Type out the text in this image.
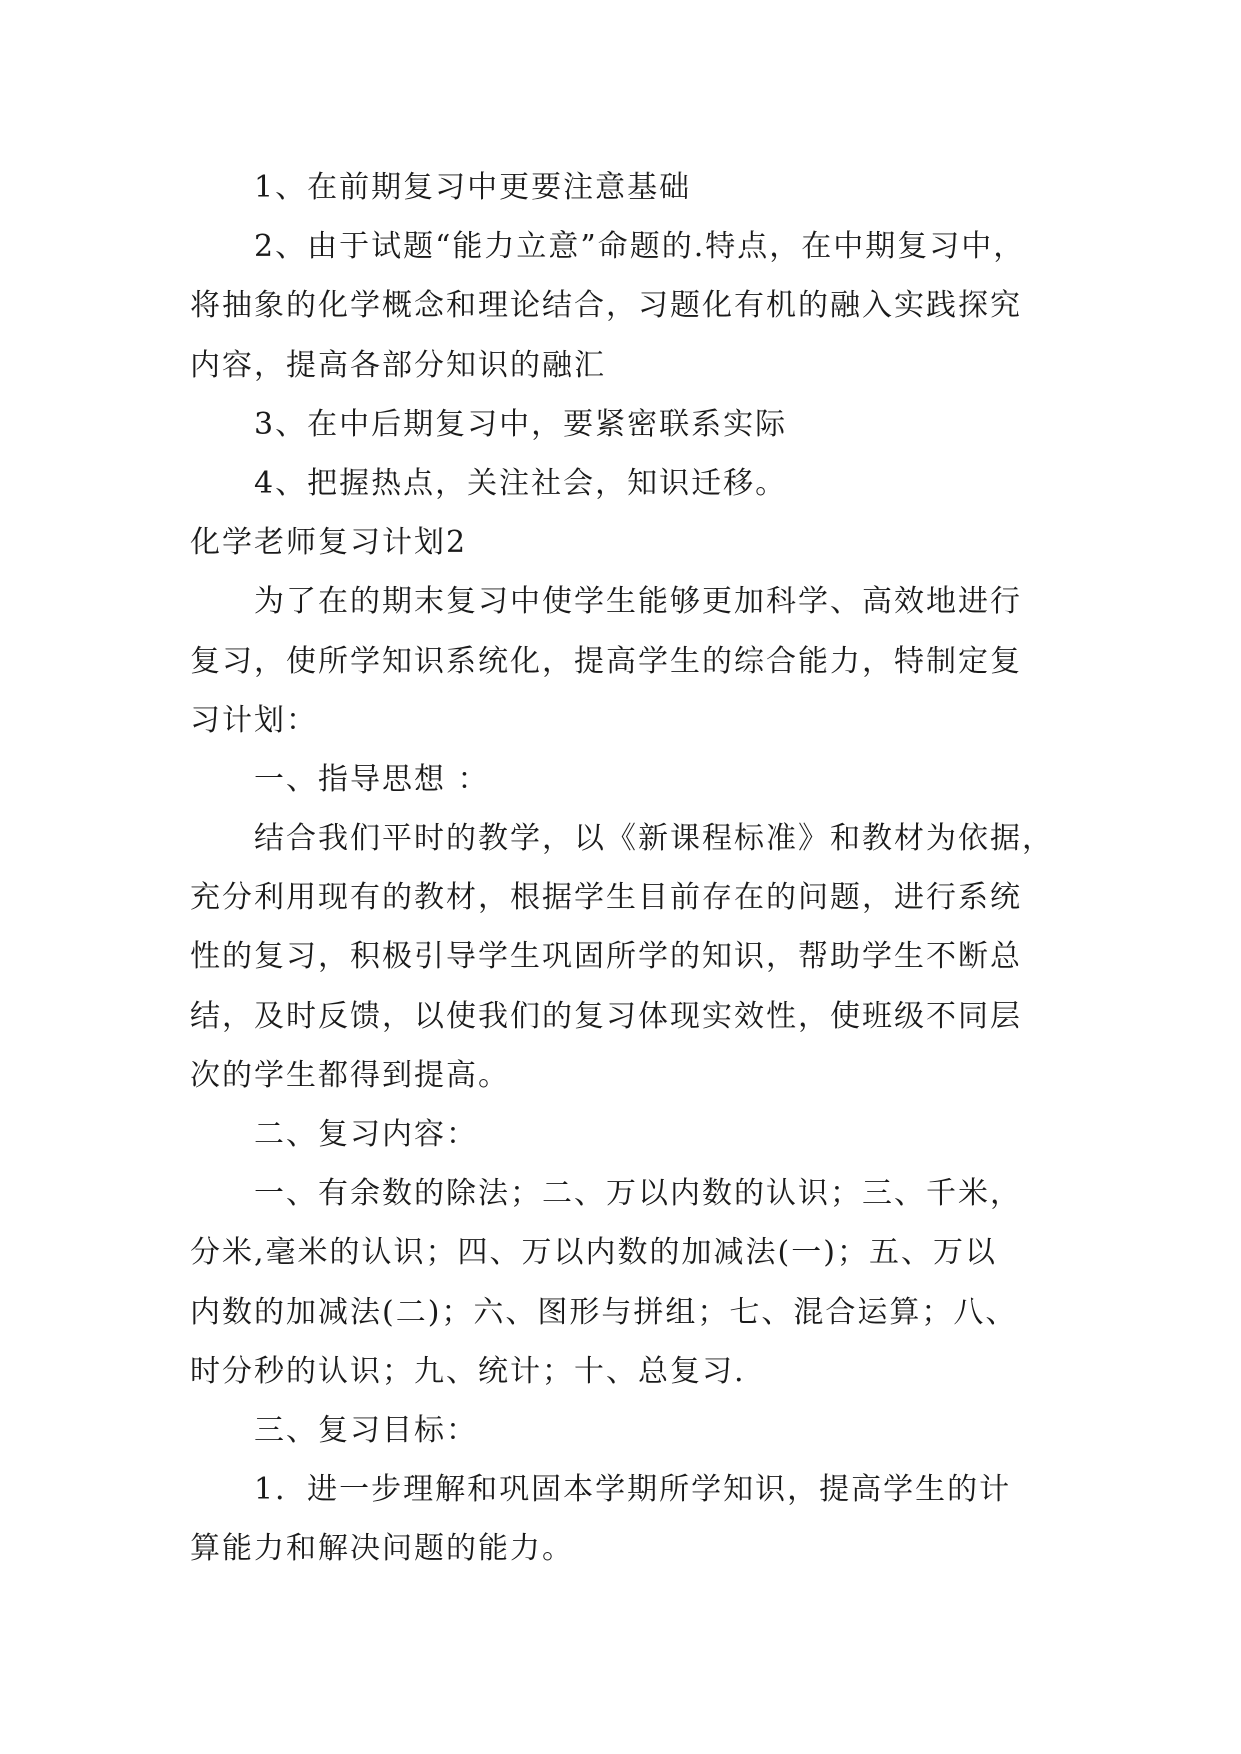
1、在前期复习中更要注意基础
2、由于试题“能力立意”命题的.特点，在中期复习中，
将抽象的化学概念和理论结合，习题化有机的融入实践探究
内容，提高各部分知识的融汇
3、在中后期复习中，要紧密联系实际
4、把握热点，关注社会，知识迁移。
化学老师复习计划2
为了在的期末复习中使学生能够更加科学、高效地进行
复习，使所学知识系统化，提高学生的综合能力，特制定复
习计划：
一、指导思想 ：
结合我们平时的教学，以《新课程标准》和教材为依据，
充分利用现有的教材，根据学生目前存在的问题，进行系统
性的复习，积极引导学生巩固所学的知识，帮助学生不断总
结，及时反馈，以使我们的复习体现实效性，使班级不同层
次的学生都得到提高。
二、复习内容：
一、有余数的除法；二、万以内数的认识；三、千米，
分米,毫米的认识；四、万以内数的加减法(一)；五、万以
内数的加减法(二)；六、图形与拼组；七、混合运算；八、
时分秒的认识；九、统计；十、总复习.
三、复习目标：
1．进一步理解和巩固本学期所学知识，提高学生的计
算能力和解决问题的能力。
